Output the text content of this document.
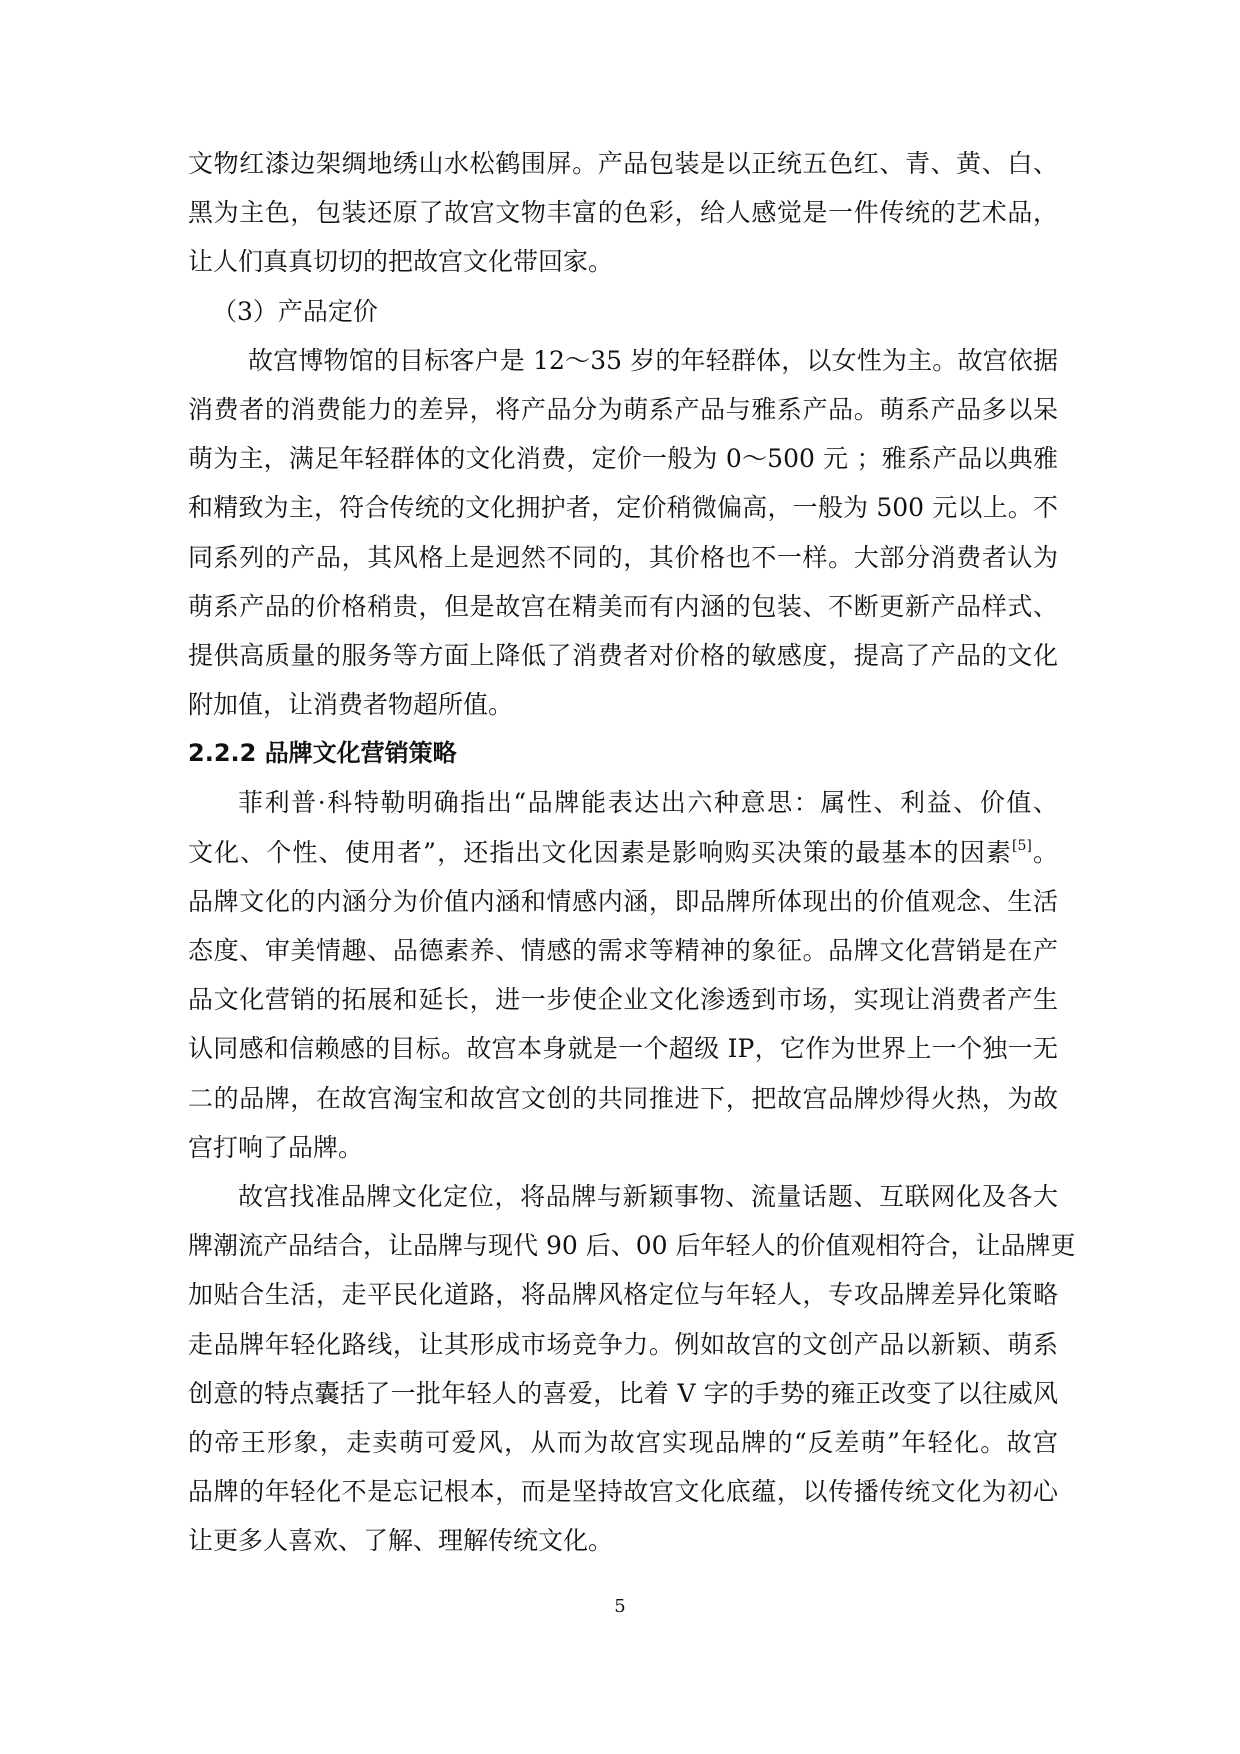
文物红漆边架绸地绣山水松鹤围屏。产品包装是以正统五色红、青、黄、白、
黑为主色，包装还原了故宫文物丰富的色彩，给人感觉是一件传统的艺术品，
让人们真真切切的把故宫文化带回家。
（3）产品定价
故宫博物馆的目标客户是 12～35 岁的年轻群体，以女性为主。故宫依据
消费者的消费能力的差异，将产品分为萌系产品与雅系产品。萌系产品多以呆
萌为主，满足年轻群体的文化消费，定价一般为 0～500 元 ；雅系产品以典雅
和精致为主，符合传统的文化拥护者，定价稍微偏高，一般为 500 元以上。不
同系列的产品，其风格上是迥然不同的，其价格也不一样。大部分消费者认为
萌系产品的价格稍贵，但是故宫在精美而有内涵的包装、不断更新产品样式、
提供高质量的服务等方面上降低了消费者对价格的敏感度，提高了产品的文化
附加值，让消费者物超所值。
2.2.2 品牌文化营销策略
菲利普·科特勒明确指出“品牌能表达出六种意思：属性、利益、价值、
文化、个性、使用者”，还指出文化因素是影响购买决策的最基本的因素[5]。
品牌文化的内涵分为价值内涵和情感内涵，即品牌所体现出的价值观念、生活
态度、审美情趣、品德素养、情感的需求等精神的象征。品牌文化营销是在产
品文化营销的拓展和延长，进一步使企业文化渗透到市场，实现让消费者产生
认同感和信赖感的目标。故宫本身就是一个超级 IP，它作为世界上一个独一无
二的品牌，在故宫淘宝和故宫文创的共同推进下，把故宫品牌炒得火热，为故
宫打响了品牌。
故宫找准品牌文化定位，将品牌与新颖事物、流量话题、互联网化及各大
牌潮流产品结合，让品牌与现代 90 后、00 后年轻人的价值观相符合，让品牌更
加贴合生活，走平民化道路，将品牌风格定位与年轻人，专攻品牌差异化策略
走品牌年轻化路线，让其形成市场竞争力。例如故宫的文创产品以新颖、萌系
创意的特点囊括了一批年轻人的喜爱，比着 V 字的手势的雍正改变了以往威风
的帝王形象，走卖萌可爱风，从而为故宫实现品牌的“反差萌”年轻化。故宫
品牌的年轻化不是忘记根本，而是坚持故宫文化底蕴，以传播传统文化为初心
让更多人喜欢、了解、理解传统文化。
5
